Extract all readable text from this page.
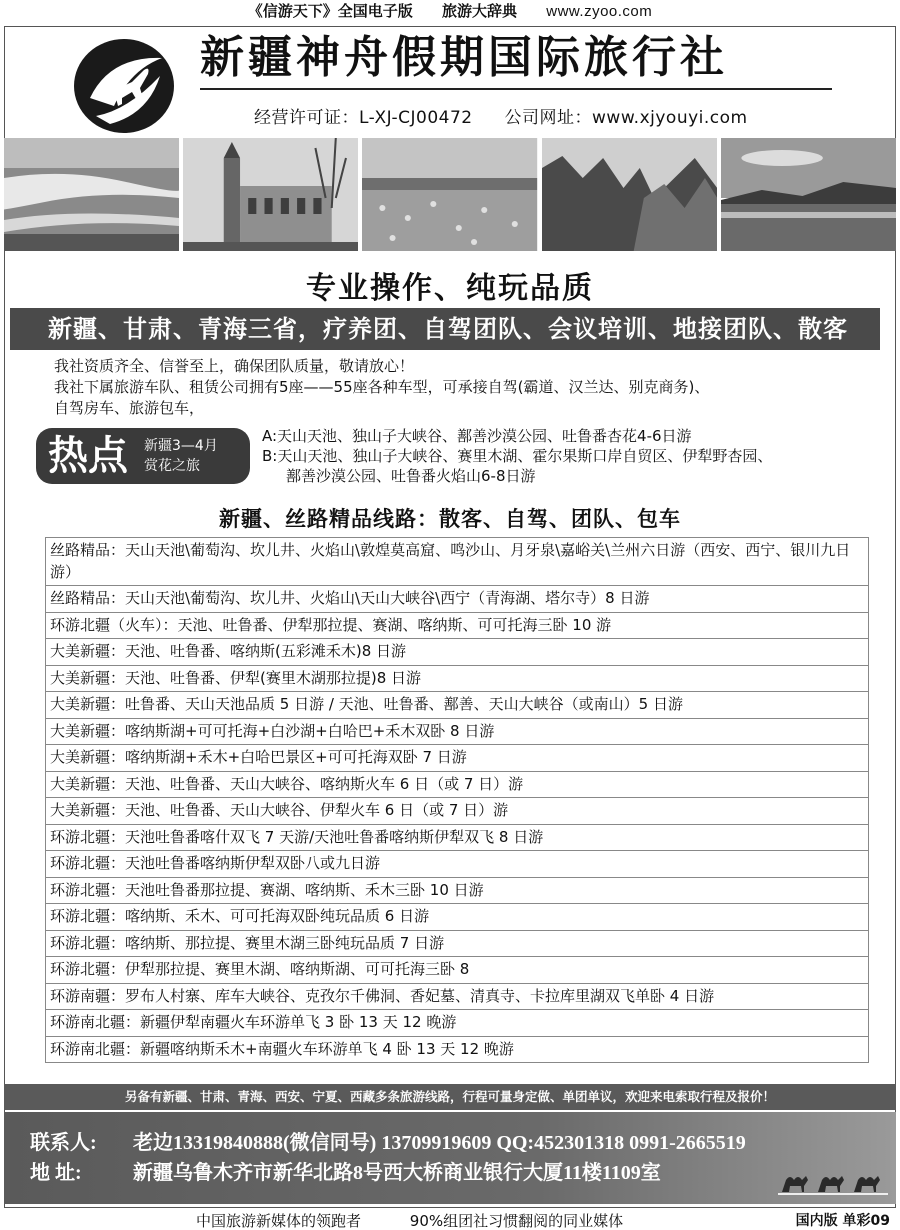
《信游天下》全国电子版 旅游大辞典 www.zyoo.com
新疆神舟假期国际旅行社
经营许可证：L-XJ-CJ00472 公司网址：www.xjyouyi.com
专业操作、纯玩品质
新疆、甘肃、青海三省，疗养团、自驾团队、会议培训、地接团队、散客
我社资质齐全、信誉至上，确保团队质量，敬请放心！
我社下属旅游车队、租赁公司拥有5座——55座各种车型，可承接自驾(霸道、汉兰达、别克商务)、
自驾房车、旅游包车，
热点 新疆3—4月
赏花之旅
A:天山天池、独山子大峡谷、鄯善沙漠公园、吐鲁番杏花4-6日游
B:天山天池、独山子大峡谷、赛里木湖、霍尔果斯口岸自贸区、伊犁野杏园、
鄯善沙漠公园、吐鲁番火焰山6-8日游
新疆、丝路精品线路：散客、自驾、团队、包车
丝路精品：天山天池\葡萄沟、坎儿井、火焰山\敦煌莫高窟、鸣沙山、月牙泉\嘉峪关\兰州六日游（西安、西宁、银川九日游）
丝路精品：天山天池\葡萄沟、坎儿井、火焰山\天山大峡谷\西宁（青海湖、塔尔寺）8 日游
环游北疆（火车）：天池、吐鲁番、伊犁那拉提、赛湖、喀纳斯、可可托海三卧 10 游
大美新疆：天池、吐鲁番、喀纳斯(五彩滩禾木)8 日游
大美新疆：天池、吐鲁番、伊犁(赛里木湖那拉提)8 日游
大美新疆：吐鲁番、天山天池品质 5 日游 / 天池、吐鲁番、鄯善、天山大峡谷（或南山）5 日游
大美新疆：喀纳斯湖+可可托海+白沙湖+白哈巴+禾木双卧 8 日游
大美新疆：喀纳斯湖+禾木+白哈巴景区+可可托海双卧 7 日游
大美新疆：天池、吐鲁番、天山大峡谷、喀纳斯火车 6 日（或 7 日）游
大美新疆：天池、吐鲁番、天山大峡谷、伊犁火车 6 日（或 7 日）游
环游北疆：天池吐鲁番喀什双飞 7 天游/天池吐鲁番喀纳斯伊犁双飞 8 日游
环游北疆：天池吐鲁番喀纳斯伊犁双卧八或九日游
环游北疆：天池吐鲁番那拉提、赛湖、喀纳斯、禾木三卧 10 日游
环游北疆：喀纳斯、禾木、可可托海双卧纯玩品质 6 日游
环游北疆：喀纳斯、那拉提、赛里木湖三卧纯玩品质 7 日游
环游北疆：伊犁那拉提、赛里木湖、喀纳斯湖、可可托海三卧 8
环游南疆：罗布人村寨、库车大峡谷、克孜尔千佛洞、香妃墓、清真寺、卡拉库里湖双飞单卧 4 日游
环游南北疆：新疆伊犁南疆火车环游单飞 3 卧 13 天 12 晚游
环游南北疆：新疆喀纳斯禾木+南疆火车环游单飞 4 卧 13 天 12 晚游
另备有新疆、甘肃、青海、西安、宁夏、西藏多条旅游线路，行程可量身定做、单团单议，欢迎来电索取行程及报价！
联系人: 老边13319840888(微信同号) 13709919609 QQ:452301318 0991-2665519
地 址:	新疆乌鲁木齐市新华北路8号西大桥商业银行大厦11楼1109室
中国旅游新媒体的领跑者	90%组团社习惯翻阅的同业媒体	国内版 单彩09
